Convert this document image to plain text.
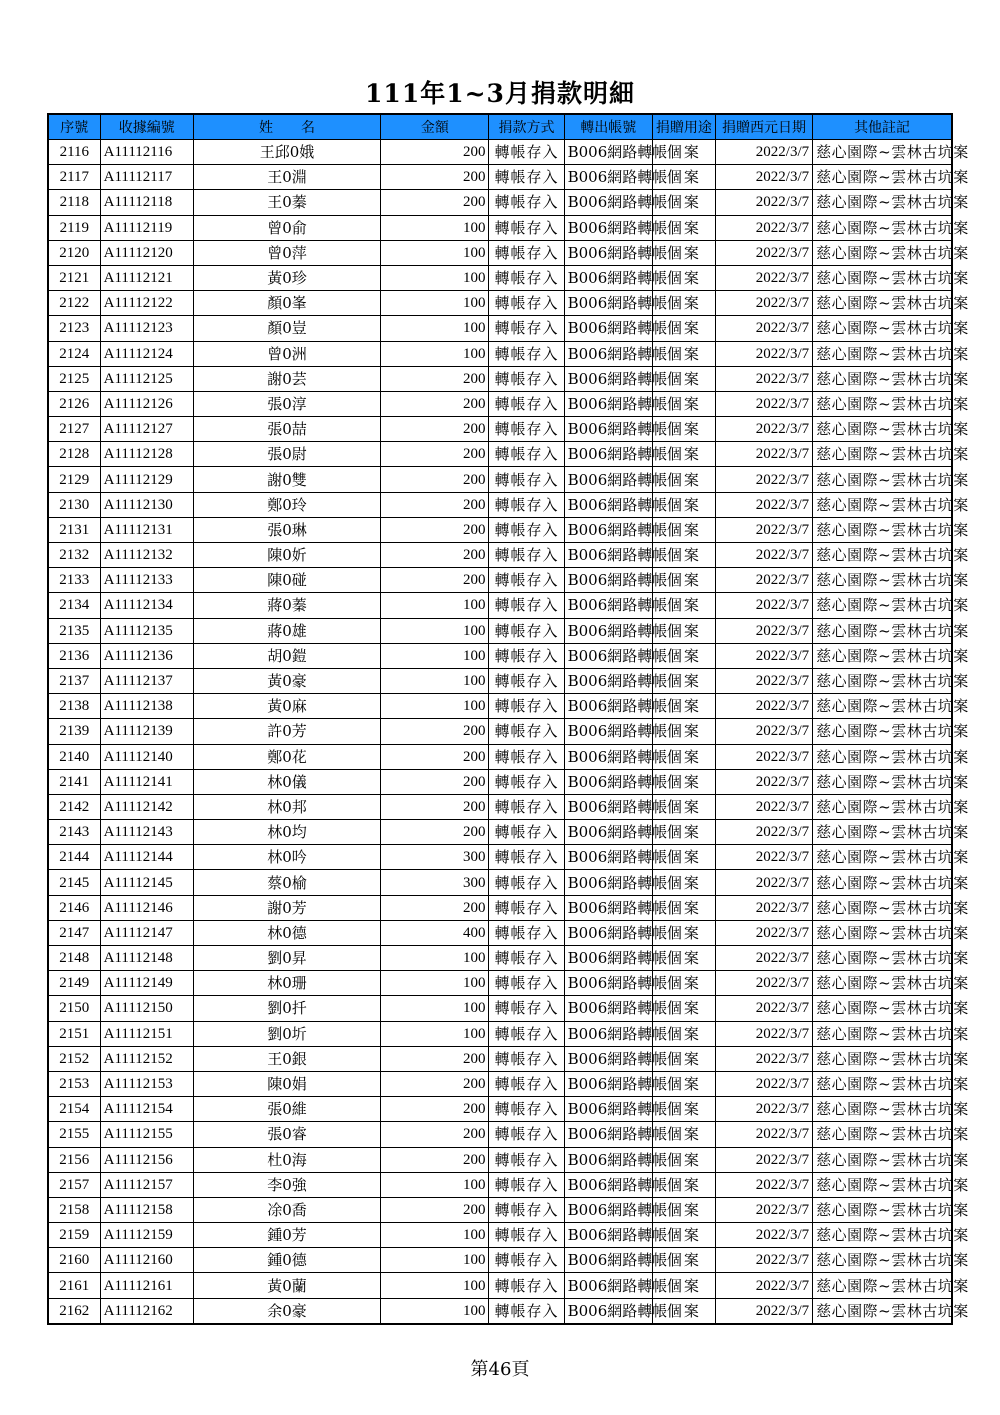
111年1~3月捐款明細
序號	收據編號	姓　　名	金額	捐款方式	轉出帳號	捐贈用途	捐贈西元日期	其他註記
2116	A11112116	王邱0娥	200	轉帳存入	B006網路轉帳	個案	2022/3/7	慈心園際~雲林古坑案
2117	A11112117	王0淵	200	轉帳存入	B006網路轉帳	個案	2022/3/7	慈心園際~雲林古坑案
2118	A11112118	王0蓁	200	轉帳存入	B006網路轉帳	個案	2022/3/7	慈心園際~雲林古坑案
2119	A11112119	曾0俞	100	轉帳存入	B006網路轉帳	個案	2022/3/7	慈心園際~雲林古坑案
2120	A11112120	曾0萍	100	轉帳存入	B006網路轉帳	個案	2022/3/7	慈心園際~雲林古坑案
2121	A11112121	黃0珍	100	轉帳存入	B006網路轉帳	個案	2022/3/7	慈心園際~雲林古坑案
2122	A11112122	顏0峯	100	轉帳存入	B006網路轉帳	個案	2022/3/7	慈心園際~雲林古坑案
2123	A11112123	顏0豈	100	轉帳存入	B006網路轉帳	個案	2022/3/7	慈心園際~雲林古坑案
2124	A11112124	曾0洲	100	轉帳存入	B006網路轉帳	個案	2022/3/7	慈心園際~雲林古坑案
2125	A11112125	謝0芸	200	轉帳存入	B006網路轉帳	個案	2022/3/7	慈心園際~雲林古坑案
2126	A11112126	張0淳	200	轉帳存入	B006網路轉帳	個案	2022/3/7	慈心園際~雲林古坑案
2127	A11112127	張0喆	200	轉帳存入	B006網路轉帳	個案	2022/3/7	慈心園際~雲林古坑案
2128	A11112128	張0尉	200	轉帳存入	B006網路轉帳	個案	2022/3/7	慈心園際~雲林古坑案
2129	A11112129	謝0雙	200	轉帳存入	B006網路轉帳	個案	2022/3/7	慈心園際~雲林古坑案
2130	A11112130	鄭0玲	200	轉帳存入	B006網路轉帳	個案	2022/3/7	慈心園際~雲林古坑案
2131	A11112131	張0琳	200	轉帳存入	B006網路轉帳	個案	2022/3/7	慈心園際~雲林古坑案
2132	A11112132	陳0妡	200	轉帳存入	B006網路轉帳	個案	2022/3/7	慈心園際~雲林古坑案
2133	A11112133	陳0碰	200	轉帳存入	B006網路轉帳	個案	2022/3/7	慈心園際~雲林古坑案
2134	A11112134	蔣0蓁	100	轉帳存入	B006網路轉帳	個案	2022/3/7	慈心園際~雲林古坑案
2135	A11112135	蔣0雄	100	轉帳存入	B006網路轉帳	個案	2022/3/7	慈心園際~雲林古坑案
2136	A11112136	胡0鎧	100	轉帳存入	B006網路轉帳	個案	2022/3/7	慈心園際~雲林古坑案
2137	A11112137	黃0豪	100	轉帳存入	B006網路轉帳	個案	2022/3/7	慈心園際~雲林古坑案
2138	A11112138	黃0麻	100	轉帳存入	B006網路轉帳	個案	2022/3/7	慈心園際~雲林古坑案
2139	A11112139	許0芳	200	轉帳存入	B006網路轉帳	個案	2022/3/7	慈心園際~雲林古坑案
2140	A11112140	鄭0花	200	轉帳存入	B006網路轉帳	個案	2022/3/7	慈心園際~雲林古坑案
2141	A11112141	林0儀	200	轉帳存入	B006網路轉帳	個案	2022/3/7	慈心園際~雲林古坑案
2142	A11112142	林0邦	200	轉帳存入	B006網路轉帳	個案	2022/3/7	慈心園際~雲林古坑案
2143	A11112143	林0均	200	轉帳存入	B006網路轉帳	個案	2022/3/7	慈心園際~雲林古坑案
2144	A11112144	林0吟	300	轉帳存入	B006網路轉帳	個案	2022/3/7	慈心園際~雲林古坑案
2145	A11112145	蔡0榆	300	轉帳存入	B006網路轉帳	個案	2022/3/7	慈心園際~雲林古坑案
2146	A11112146	謝0芳	200	轉帳存入	B006網路轉帳	個案	2022/3/7	慈心園際~雲林古坑案
2147	A11112147	林0德	400	轉帳存入	B006網路轉帳	個案	2022/3/7	慈心園際~雲林古坑案
2148	A11112148	劉0昇	100	轉帳存入	B006網路轉帳	個案	2022/3/7	慈心園際~雲林古坑案
2149	A11112149	林0珊	100	轉帳存入	B006網路轉帳	個案	2022/3/7	慈心園際~雲林古坑案
2150	A11112150	劉0扦	100	轉帳存入	B006網路轉帳	個案	2022/3/7	慈心園際~雲林古坑案
2151	A11112151	劉0圻	100	轉帳存入	B006網路轉帳	個案	2022/3/7	慈心園際~雲林古坑案
2152	A11112152	王0銀	200	轉帳存入	B006網路轉帳	個案	2022/3/7	慈心園際~雲林古坑案
2153	A11112153	陳0娟	200	轉帳存入	B006網路轉帳	個案	2022/3/7	慈心園際~雲林古坑案
2154	A11112154	張0維	200	轉帳存入	B006網路轉帳	個案	2022/3/7	慈心園際~雲林古坑案
2155	A11112155	張0睿	200	轉帳存入	B006網路轉帳	個案	2022/3/7	慈心園際~雲林古坑案
2156	A11112156	杜0海	200	轉帳存入	B006網路轉帳	個案	2022/3/7	慈心園際~雲林古坑案
2157	A11112157	李0強	100	轉帳存入	B006網路轉帳	個案	2022/3/7	慈心園際~雲林古坑案
2158	A11112158	凃0喬	200	轉帳存入	B006網路轉帳	個案	2022/3/7	慈心園際~雲林古坑案
2159	A11112159	鍾0芳	100	轉帳存入	B006網路轉帳	個案	2022/3/7	慈心園際~雲林古坑案
2160	A11112160	鍾0德	100	轉帳存入	B006網路轉帳	個案	2022/3/7	慈心園際~雲林古坑案
2161	A11112161	黃0蘭	100	轉帳存入	B006網路轉帳	個案	2022/3/7	慈心園際~雲林古坑案
2162	A11112162	余0豪	100	轉帳存入	B006網路轉帳	個案	2022/3/7	慈心園際~雲林古坑案
第46頁
